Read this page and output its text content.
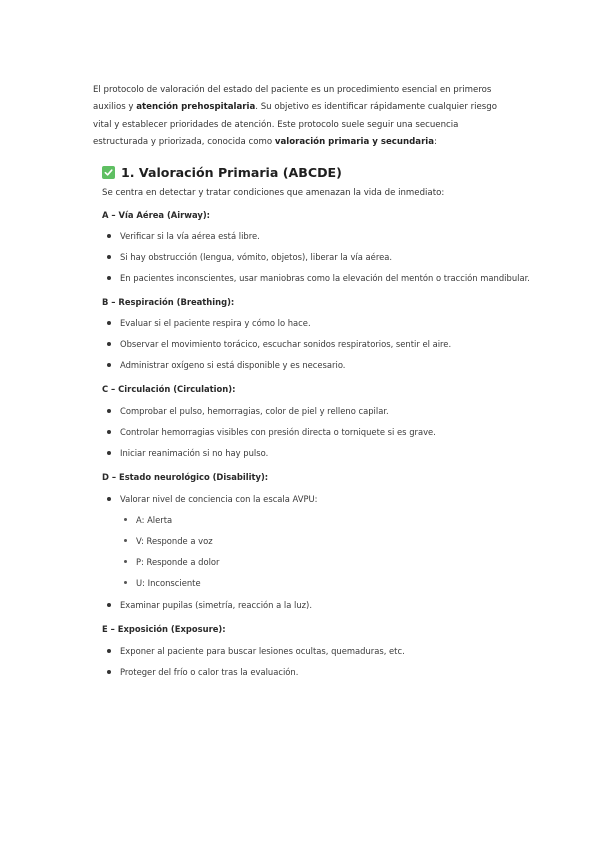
El protocolo de valoración del estado del paciente es un procedimiento esencial en primeros auxilios y atención prehospitalaria. Su objetivo es identificar rápidamente cualquier riesgo vital y establecer prioridades de atención. Este protocolo suele seguir una secuencia estructurada y priorizada, conocida como valoración primaria y secundaria:

1. Valoración Primaria (ABCDE)

Se centra en detectar y tratar condiciones que amenazan la vida de inmediato:

A – Vía Aérea (Airway):

Verificar si la vía aérea está libre.

Si hay obstrucción (lengua, vómito, objetos), liberar la vía aérea.

En pacientes inconscientes, usar maniobras como la elevación del mentón o tracción mandibular.

B – Respiración (Breathing):

Evaluar si el paciente respira y cómo lo hace.

Observar el movimiento torácico, escuchar sonidos respiratorios, sentir el aire.

Administrar oxígeno si está disponible y es necesario.

C – Circulación (Circulation):

Comprobar el pulso, hemorragias, color de piel y relleno capilar.

Controlar hemorragias visibles con presión directa o torniquete si es grave.

Iniciar reanimación si no hay pulso.

D – Estado neurológico (Disability):

Valorar nivel de conciencia con la escala AVPU:

A: Alerta

V: Responde a voz

P: Responde a dolor

U: Inconsciente

Examinar pupilas (simetría, reacción a la luz).

E – Exposición (Exposure):

Exponer al paciente para buscar lesiones ocultas, quemaduras, etc.

Proteger del frío o calor tras la evaluación.
